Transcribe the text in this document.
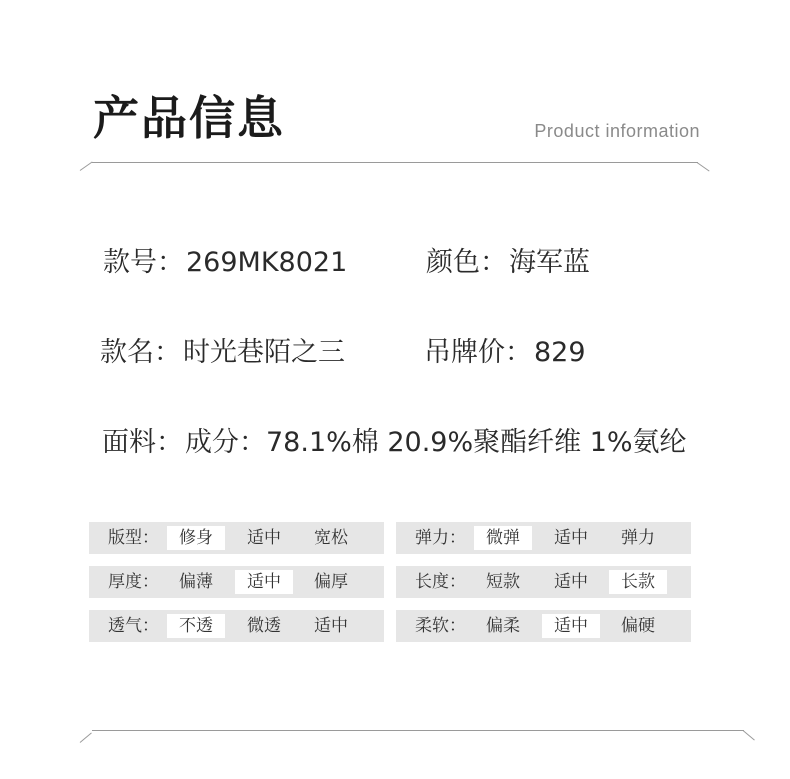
产品信息	Product information
款号：269MK8021	颜色：海军蓝
款名：时光巷陌之三	吊牌价：829
面料：成分：78.1%棉 20.9%聚酯纤维 1%氨纶
版型：	修身	适中	宽松	弹力：	微弹	适中	弹力
厚度：	偏薄	适中	偏厚	长度：	短款	适中	长款
透气：	不透	微透	适中	柔软：	偏柔	适中	偏硬
